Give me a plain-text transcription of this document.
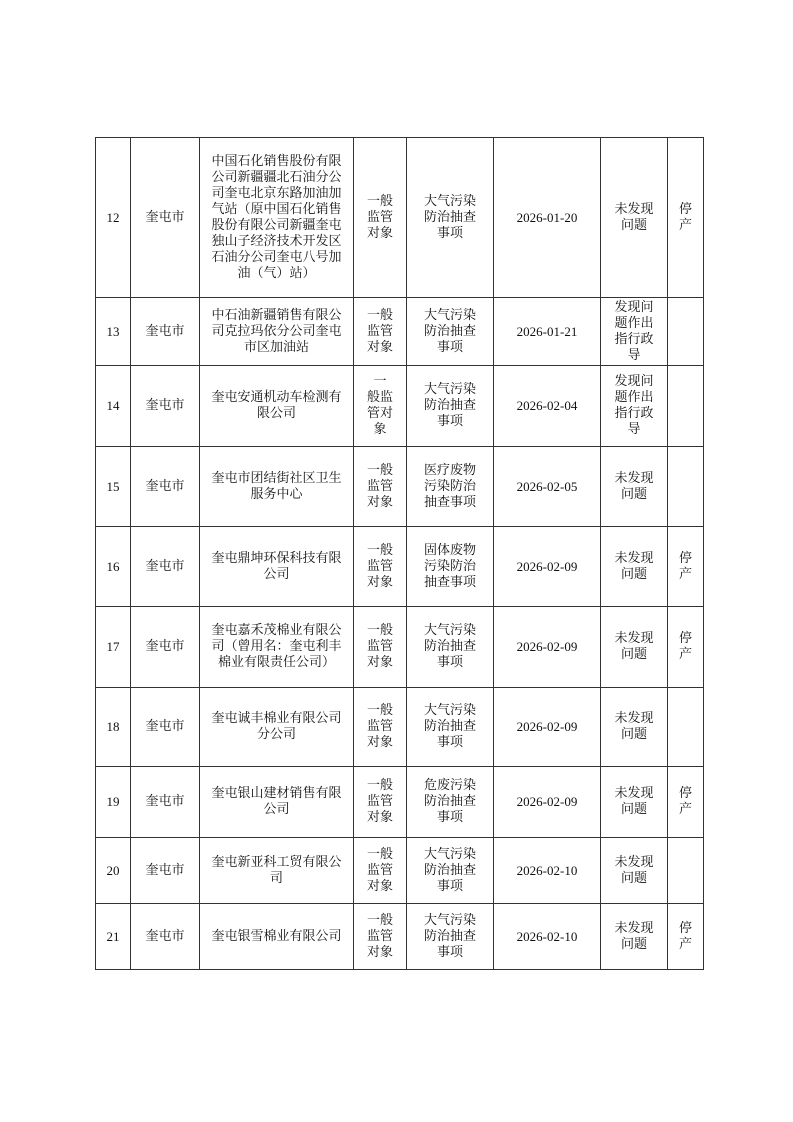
12	奎屯市	中国石化销售股份有限公司新疆疆北石油分公司奎屯北京东路加油加气站（原中国石化销售股份有限公司新疆奎屯独山子经济技术开发区石油分公司奎屯八号加油（气）站）	一般监管对象	大气污染防治抽查事项	2026-01-20	未发现问题	停产
13	奎屯市	中石油新疆销售有限公司克拉玛依分公司奎屯市区加油站	一般监管对象	大气污染防治抽查事项	2026-01-21	发现问题作出指行政导	
14	奎屯市	奎屯安通机动车检测有限公司	一 般监 管对象	大气污染防治抽查事项	2026-02-04	发现问题作出指行政导	
15	奎屯市	奎屯市团结街社区卫生服务中心	一般监管对象	医疗废物污染防治抽查事项	2026-02-05	未发现问题	
16	奎屯市	奎屯鼎坤环保科技有限公司	一般监管对象	固体废物污染防治抽查事项	2026-02-09	未发现问题	停产
17	奎屯市	奎屯嘉禾茂棉业有限公司（曾用名：奎屯利丰棉业有限责任公司）	一般监管对象	大气污染防治抽查事项	2026-02-09	未发现问题	停产
18	奎屯市	奎屯诚丰棉业有限公司分公司	一般监管对象	大气污染防治抽查事项	2026-02-09	未发现问题	
19	奎屯市	奎屯银山建材销售有限公司	一般监管对象	危废污染防治抽查事项	2026-02-09	未发现问题	停产
20	奎屯市	奎屯新亚科工贸有限公司	一般监管对象	大气污染防治抽查事项	2026-02-10	未发现问题	
21	奎屯市	奎屯银雪棉业有限公司	一般监管对象	大气污染防治抽查事项	2026-02-10	未发现问题	停产
